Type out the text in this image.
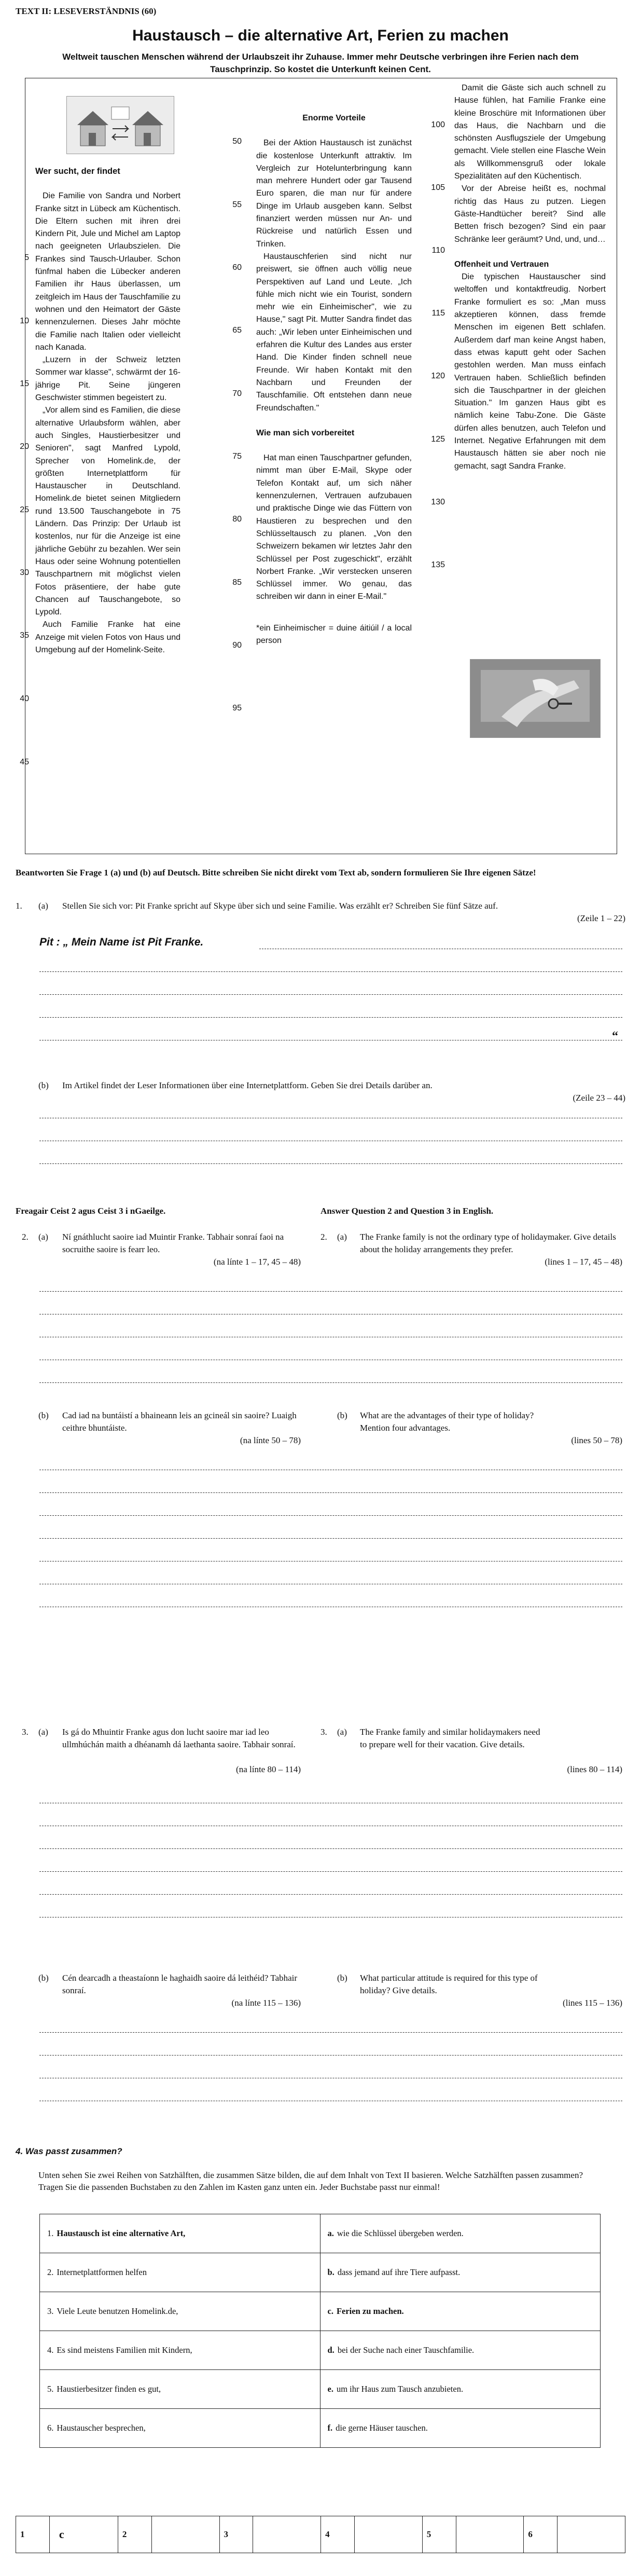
TEXT II: LESEVERSTÄNDNIS (60)
Haustausch – die alternative Art, Ferien zu machen
Weltweit tauschen Menschen während der Urlaubszeit ihr Zuhause. Immer mehr Deutsche verbringen ihre Ferien nach dem Tauschprinzip. So kostet die Unterkunft keinen Cent.

Wer sucht, der findet

Die Familie von Sandra und Norbert Franke sitzt in Lübeck am Küchentisch. Die Eltern suchen mit ihren drei Kindern Pit, Jule und Michel am Laptop nach geeigneten Urlaubszielen. Die Frankes sind Tausch-Urlauber. Schon fünfmal haben die Lübecker anderen Familien ihr Haus überlassen, um zeitgleich im Haus der Tauschfamilie zu wohnen und den Heimatort der Gäste kennenzulernen. Dieses Jahr möchte die Familie nach Italien oder vielleicht nach Kanada.

„Luzern in der Schweiz letzten Sommer war klasse", schwärmt der 16-jährige Pit. Seine jüngeren Geschwister stimmen begeistert zu.

„Vor allem sind es Familien, die diese alternative Urlaubsform wählen, aber auch Singles, Haustierbesitzer und Senioren", sagt Manfred Lypold, Sprecher von Homelink.de, der größten Internetplattform für Haustauscher in Deutschland. Homelink.de bietet seinen Mitgliedern rund 13.500 Tauschangebote in 75 Ländern. Das Prinzip: Der Urlaub ist kostenlos, nur für die Anzeige ist eine jährliche Gebühr zu bezahlen. Wer sein Haus oder seine Wohnung potentiellen Tauschpartnern mit möglichst vielen Fotos präsentiere, der habe gute Chancen auf Tauschangebote, so Lypold.

Auch Familie Franke hat eine Anzeige mit vielen Fotos von Haus und Umgebung auf der Homelink-Seite.

5
10
15
20
25
30
35
40
45
50
55
60
65
70
75
80
85
90
95
100
105
110
115
120
125
130
135

Enorme Vorteile

Bei der Aktion Haustausch ist zunächst die kostenlose Unterkunft attraktiv. Im Vergleich zur Hotelunterbringung kann man mehrere Hundert oder gar Tausend Euro sparen, die man nur für andere Dinge im Urlaub ausgeben kann. Selbst finanziert werden müssen nur An- und Rückreise und natürlich Essen und Trinken.

Haustauschferien sind nicht nur preiswert, sie öffnen auch völlig neue Perspektiven auf Land und Leute. „Ich fühle mich nicht wie ein Tourist, sondern mehr wie ein Einheimischer", wie zu Hause," sagt Pit. Mutter Sandra findet das auch: „Wir leben unter Einheimischen und erfahren die Kultur des Landes aus erster Hand. Die Kinder finden schnell neue Freunde. Wir haben Kontakt mit den Nachbarn und Freunden der Tauschfamilie. Oft entstehen dann neue Freundschaften."

Wie man sich vorbereitet

Hat man einen Tauschpartner gefunden, nimmt man über E-Mail, Skype oder Telefon Kontakt auf, um sich näher kennenzulernen, Vertrauen aufzubauen und praktische Dinge wie das Füttern von Haustieren zu besprechen und den Schlüsseltausch zu planen. „Von den Schweizern bekamen wir letztes Jahr den Schlüssel per Post zugeschickt", erzählt Norbert Franke. „Wir verstecken unseren Schlüssel immer. Wo genau, das schreiben wir dann in einer E-Mail."

*ein Einheimischer = duine áitiúil / a local person

Damit die Gäste sich auch schnell zu Hause fühlen, hat Familie Franke eine kleine Broschüre mit Informationen über das Haus, die Nachbarn und die schönsten Ausflugsziele der Umgebung gemacht. Viele stellen eine Flasche Wein als Willkommensgruß oder lokale Spezialitäten auf den Küchentisch.

Vor der Abreise heißt es, nochmal richtig das Haus zu putzen. Liegen Gäste-Handtücher bereit? Sind alle Betten frisch bezogen? Sind ein paar Schränke leer geräumt? Und, und, und…

Offenheit und Vertrauen

Die typischen Haustauscher sind weltoffen und kontaktfreudig. Norbert Franke formuliert es so: „Man muss akzeptieren können, dass fremde Menschen im eigenen Bett schlafen. Außerdem darf man keine Angst haben, dass etwas kaputt geht oder Sachen gestohlen werden. Man muss einfach Vertrauen haben. Schließlich befinden sich die Tauschpartner in der gleichen Situation." Im ganzen Haus gibt es nämlich keine Tabu-Zone. Die Gäste dürfen alles benutzen, auch Telefon und Internet. Negative Erfahrungen mit dem Haustausch hätten sie aber noch nie gemacht, sagt Sandra Franke.

Beantworten Sie Frage 1 (a) und (b) auf Deutsch. Bitte schreiben Sie nicht direkt vom Text ab, sondern formulieren Sie Ihre eigenen Sätze!
1. (a) Stellen Sie sich vor: Pit Franke spricht auf Skype über sich und seine Familie. Was erzählt er? Schreiben Sie fünf Sätze auf.
(Zeile 1 – 22)
Pit : „ Mein Name ist Pit Franke.
“
(b) Im Artikel findet der Leser Informationen über eine Internetplattform. Geben Sie drei Details darüber an.
(Zeile 23 – 44)
Freagair Ceist 2 agus Ceist 3 i nGaeilge.	Answer Question 2 and Question 3 in English.
2. (a) Ní gnáthlucht saoire iad Muintir Franke. Tabhair sonraí faoi na socruithe saoire is fearr leo.
(na línte 1 – 17, 45 – 48)
2. (a) The Franke family is not the ordinary type of holidaymaker. Give details about the holiday arrangements they prefer.
(lines 1 – 17, 45 – 48)
(b) Cad iad na buntáistí a bhaineann leis an gcineál sin saoire? Luaigh ceithre bhuntáiste.
(na línte 50 – 78)
(b) What are the advantages of their type of holiday? Mention four advantages.
(lines 50 – 78)
3. (a) Is gá do Mhuintir Franke agus don lucht saoire mar iad leo ullmhúchán maith a dhéanamh dá laethanta saoire. Tabhair sonraí.
(na línte 80 – 114)
3. (a) The Franke family and similar holidaymakers need to prepare well for their vacation. Give details.
(lines 80 – 114)
(b) Cén dearcadh a theastaíonn le haghaidh saoire dá leithéid? Tabhair sonraí.
(na línte 115 – 136)
(b) What particular attitude is required for this type of holiday? Give details.
(lines 115 – 136)
4. Was passt zusammen?
Unten sehen Sie zwei Reihen von Satzhälften, die zusammen Sätze bilden, die auf dem Inhalt von Text II basieren. Welche Satzhälften passen zusammen? Tragen Sie die passenden Buchstaben zu den Zahlen im Kasten ganz unten ein. Jeder Buchstabe passt nur einmal!
1. Haustausch ist eine alternative Art,	a. wie die Schlüssel übergeben werden.
2. Internetplattformen helfen	b. dass jemand auf ihre Tiere aufpasst.
3. Viele Leute benutzen Homelink.de,	c. Ferien zu machen.
4. Es sind meistens Familien mit Kindern,	d. bei der Suche nach einer Tauschfamilie.
5. Haustierbesitzer finden es gut,	e. um ihr Haus zum Tausch anzubieten.
6. Haustauscher besprechen,	f. die gerne Häuser tauschen.
1	c	2		3		4		5		6	
